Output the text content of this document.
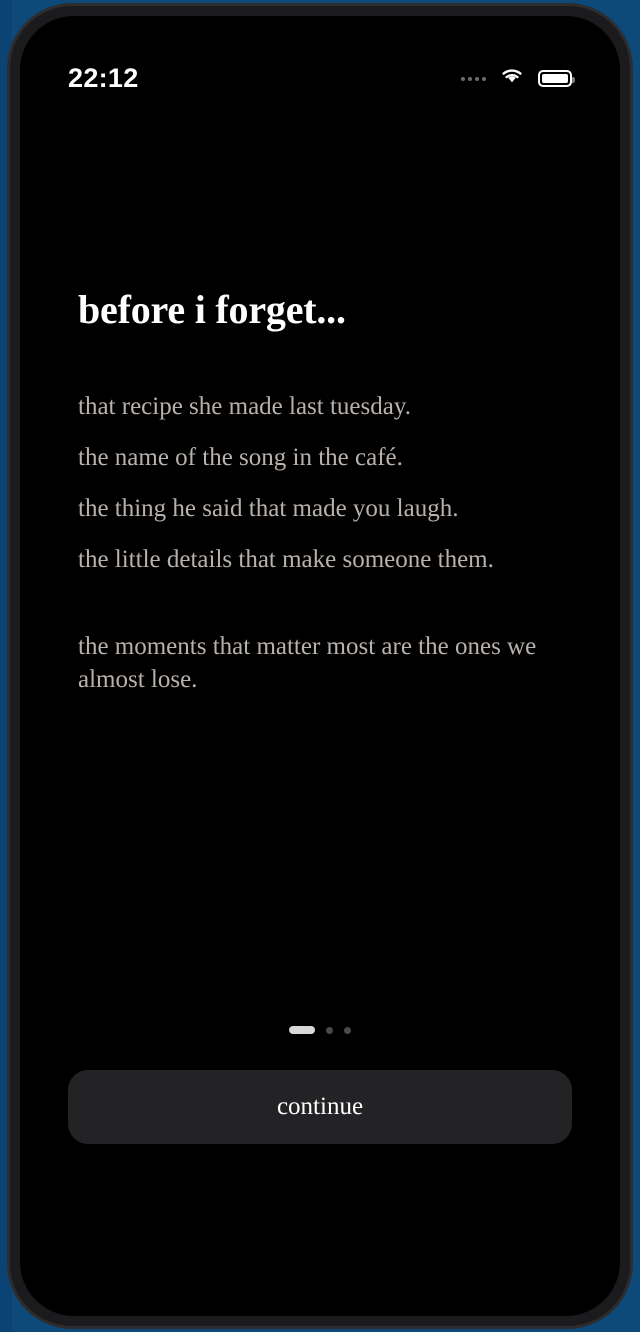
22:12
before i forget...

that recipe she made last tuesday.

the name of the song in the café.

the thing he said that made you laugh.

the little details that make someone them.

the moments that matter most are the ones we almost lose.

continue
